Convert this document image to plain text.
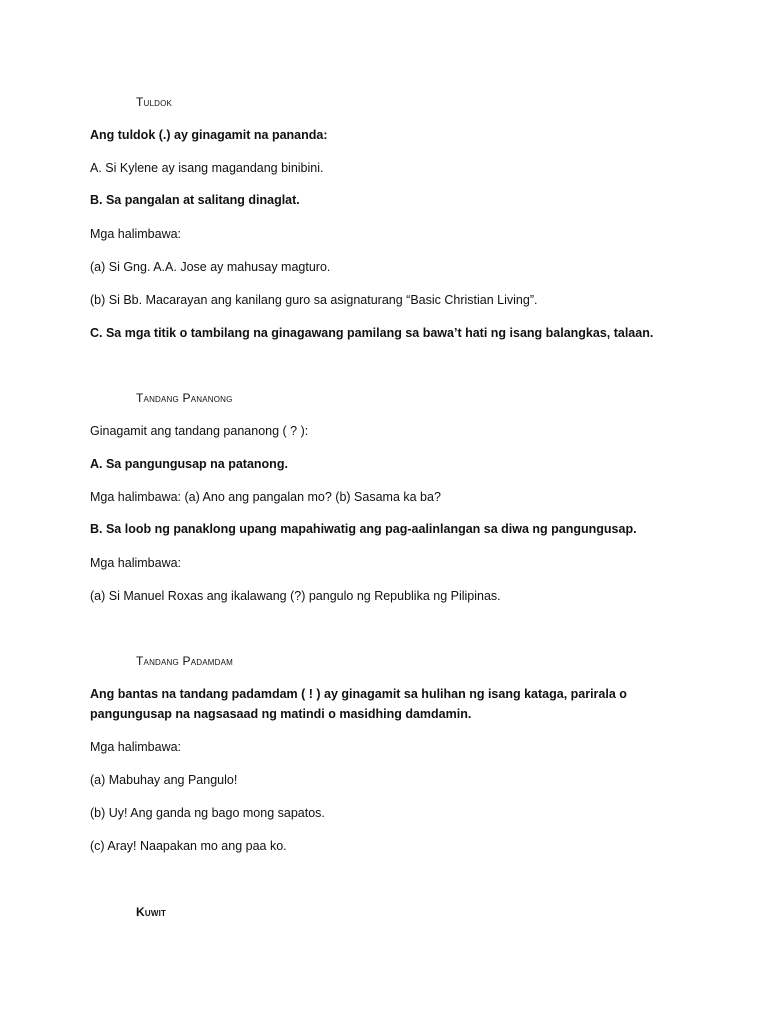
Tuldok
Ang tuldok (.) ay ginagamit na pananda:
A. Si Kylene ay isang magandang binibini.
B. Sa pangalan at salitang dinaglat.
Mga halimbawa:
(a) Si Gng. A.A. Jose ay mahusay magturo.
(b) Si Bb. Macarayan ang kanilang guro sa asignaturang “Basic Christian Living”.
C. Sa mga titik o tambilang na ginagawang pamilang sa bawa’t hati ng isang balangkas, talaan.
Tandang Pananong
Ginagamit ang tandang pananong ( ? ):
A. Sa pangungusap na patanong.
Mga halimbawa: (a) Ano ang pangalan mo? (b) Sasama ka ba?
B. Sa loob ng panaklong upang mapahiwatig ang pag-aalinlangan sa diwa ng pangungusap.
Mga halimbawa:
(a) Si Manuel Roxas ang ikalawang (?) pangulo ng Republika ng Pilipinas.
Tandang Padamdam
Ang bantas na tandang padamdam ( ! ) ay ginagamit sa hulihan ng isang kataga, parirala o pangungusap na nagsasaad ng matindi o masidhing damdamin.
Mga halimbawa:
(a) Mabuhay ang Pangulo!
(b) Uy! Ang ganda ng bago mong sapatos.
(c) Aray! Naapakan mo ang paa ko.
Kuwit
